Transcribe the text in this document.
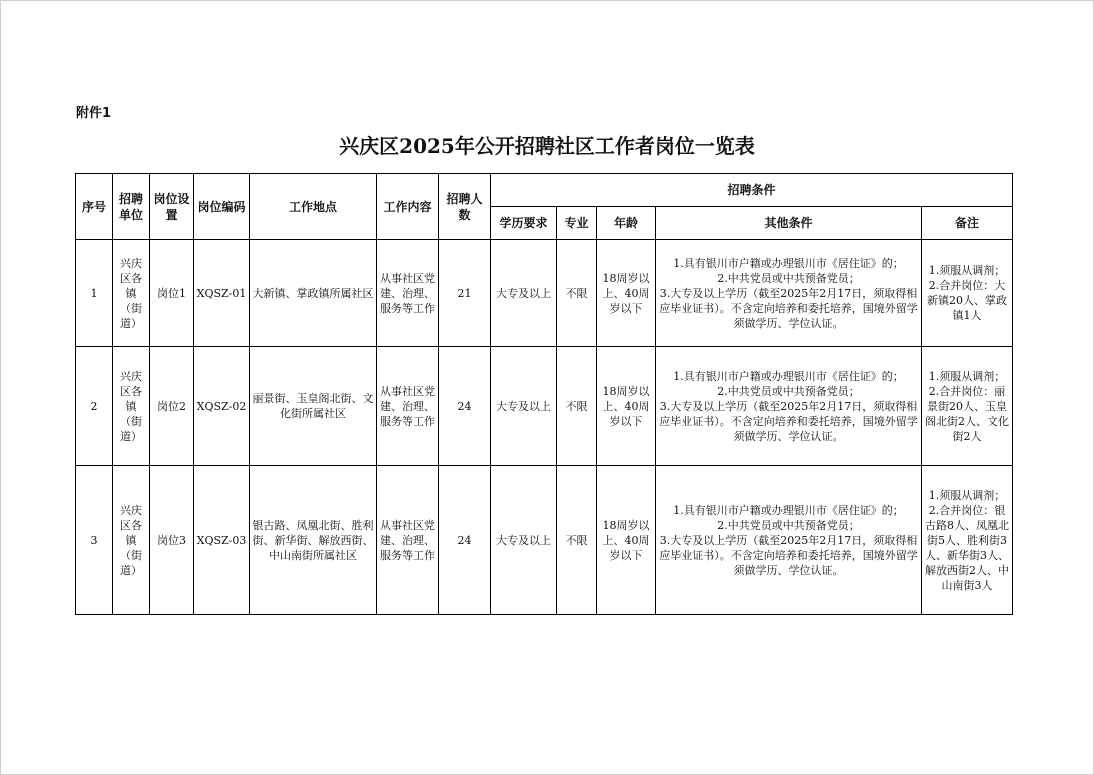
附件1
兴庆区2025年公开招聘社区工作者岗位一览表
序号	招聘单位	岗位设置	岗位编码	工作地点	工作内容	招聘人数	招聘条件				
							学历要求	专业	年龄	其他条件	备注
1	兴庆区各镇（街道）	岗位1	XQSZ-01	大新镇、掌政镇所属社区	从事社区党建、治理、服务等工作	21	大专及以上	不限	18周岁以上、40周岁以下	1.具有银川市户籍或办理银川市《居住证》的；
2.中共党员或中共预备党员；
3.大专及以上学历（截至2025年2月17日，须取得相应毕业证书）。不含定向培养和委托培养，国境外留学须做学历、学位认证。	1.须服从调剂；2.合并岗位：大新镇20人、掌政镇1人
2	兴庆区各镇（街道）	岗位2	XQSZ-02	丽景街、玉皇阁北街、文化街所属社区	从事社区党建、治理、服务等工作	24	大专及以上	不限	18周岁以上、40周岁以下	1.具有银川市户籍或办理银川市《居住证》的；
2.中共党员或中共预备党员；
3.大专及以上学历（截至2025年2月17日，须取得相应毕业证书）。不含定向培养和委托培养，国境外留学须做学历、学位认证。	1.须服从调剂；2.合并岗位：丽景街20人、玉皇阁北街2人、文化街2人
3	兴庆区各镇（街道）	岗位3	XQSZ-03	银古路、凤凰北街、胜利街、新华街、解放西街、中山南街所属社区	从事社区党建、治理、服务等工作	24	大专及以上	不限	18周岁以上、40周岁以下	1.具有银川市户籍或办理银川市《居住证》的；
2.中共党员或中共预备党员；
3.大专及以上学历（截至2025年2月17日，须取得相应毕业证书）。不含定向培养和委托培养，国境外留学须做学历、学位认证。	1.须服从调剂；2.合并岗位：银古路8人、凤凰北街5人、胜利街3人、新华街3人、解放西街2人、中山南街3人
